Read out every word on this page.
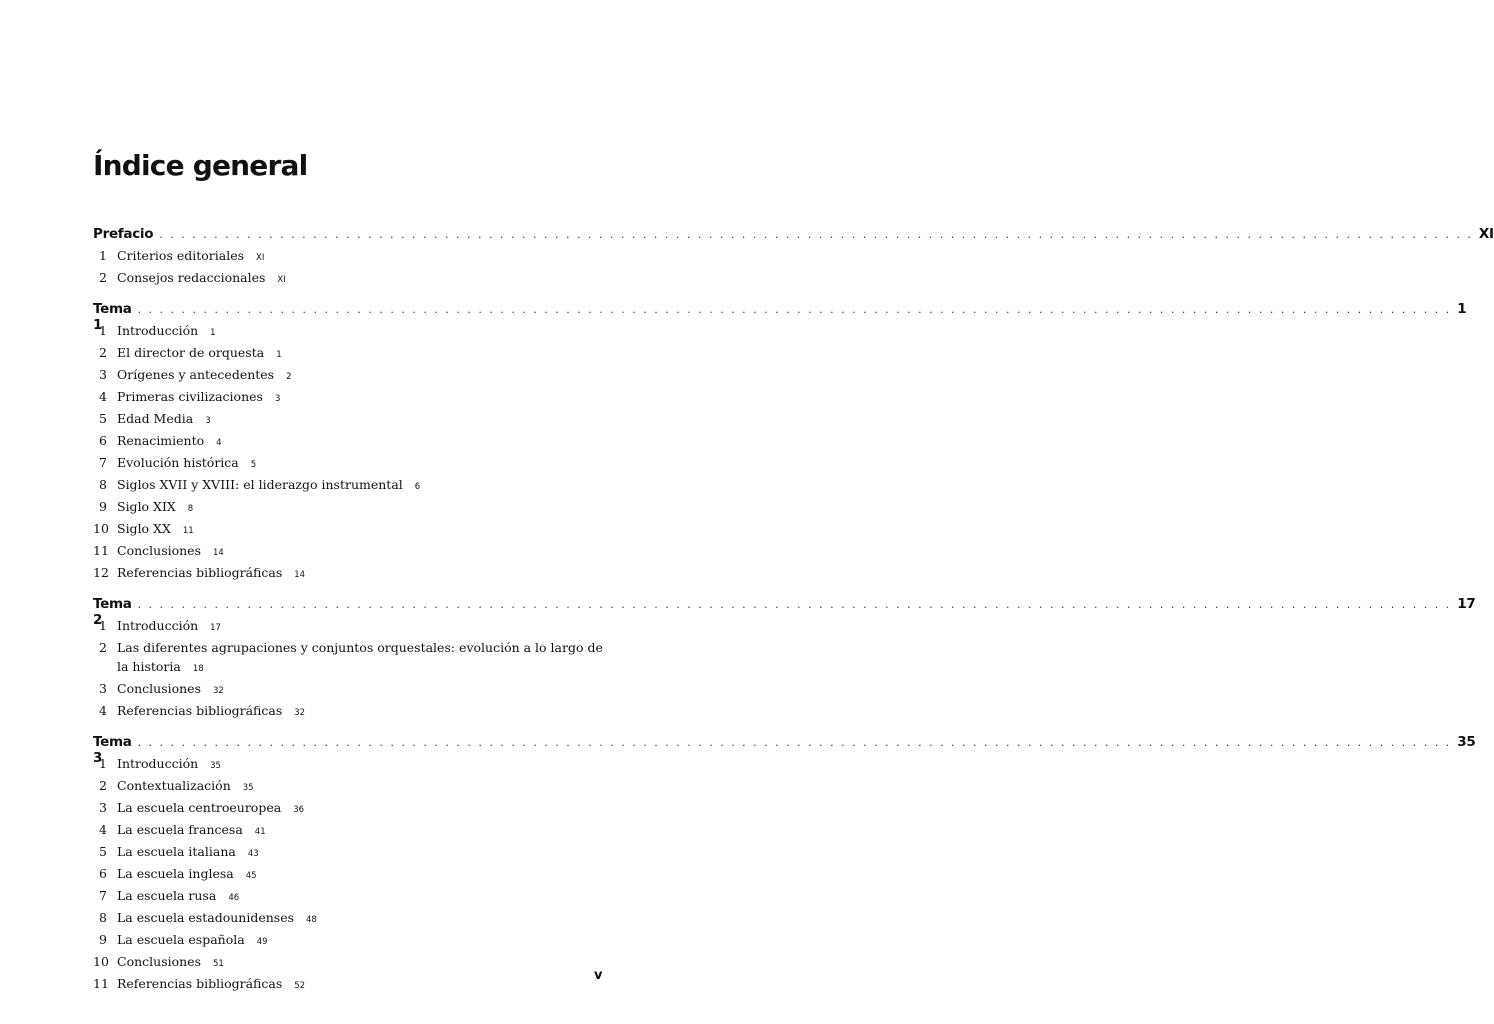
Índice general
Prefacio . . . . . . . . . . . . . . . . . . . . . . . . . . . . . . . . . . . . . . . . . . . . . . . . . . . . . . . . . . . . . . . . . . . . . . . . . . . . . . . . . . . . . . . . . . . . . . . . . . . . . . . . . . . . . . . . . . . . . . . . XI
1 Criterios editoriales XI
2 Consejos redaccionales XI
Tema 1
. . . . . . . . . . . . . . . . . . . . . . . . . . . . . . . . . . . . . . . . . . . . . . . . . . . . . . . . . . . . . . . . . . . . . . . . . . . . . . . . . . . . . . . . . . . . . . . . . . . . . . . . . . . . . . . . . . . . . . . . 1
1 Introducción 1
2 El director de orquesta 1
3 Orígenes y antecedentes 2
4 Primeras civilizaciones 3
5 Edad Media 3
6 Renacimiento 4
7 Evolución histórica 5
8 Siglos XVII y XVIII: el liderazgo instrumental 6
9 Siglo XIX 8
10 Siglo XX 11
11 Conclusiones 14
12 Referencias bibliográficas 14
Tema 2
. . . . . . . . . . . . . . . . . . . . . . . . . . . . . . . . . . . . . . . . . . . . . . . . . . . . . . . . . . . . . . . . . . . . . . . . . . . . . . . . . . . . . . . . . . . . . . . . . . . . . . . . . . . . . . . . . . . . . . . . 17
1 Introducción 17
2 Las diferentes agrupaciones y conjuntos orquestales: evolución a lo largo de la historia 18
3 Conclusiones 32
4 Referencias bibliográficas 32
Tema 3
. . . . . . . . . . . . . . . . . . . . . . . . . . . . . . . . . . . . . . . . . . . . . . . . . . . . . . . . . . . . . . . . . . . . . . . . . . . . . . . . . . . . . . . . . . . . . . . . . . . . . . . . . . . . . . . . . . . . . . . . 35
1 Introducción 35
2 Contextualización 35
3 La escuela centroeuropea 36
4 La escuela francesa 41
5 La escuela italiana 43
6 La escuela inglesa 45
7 La escuela rusa 46
8 La escuela estadounidenses 48
9 La escuela española 49
10 Conclusiones 51
11 Referencias bibliográficas 52
v
